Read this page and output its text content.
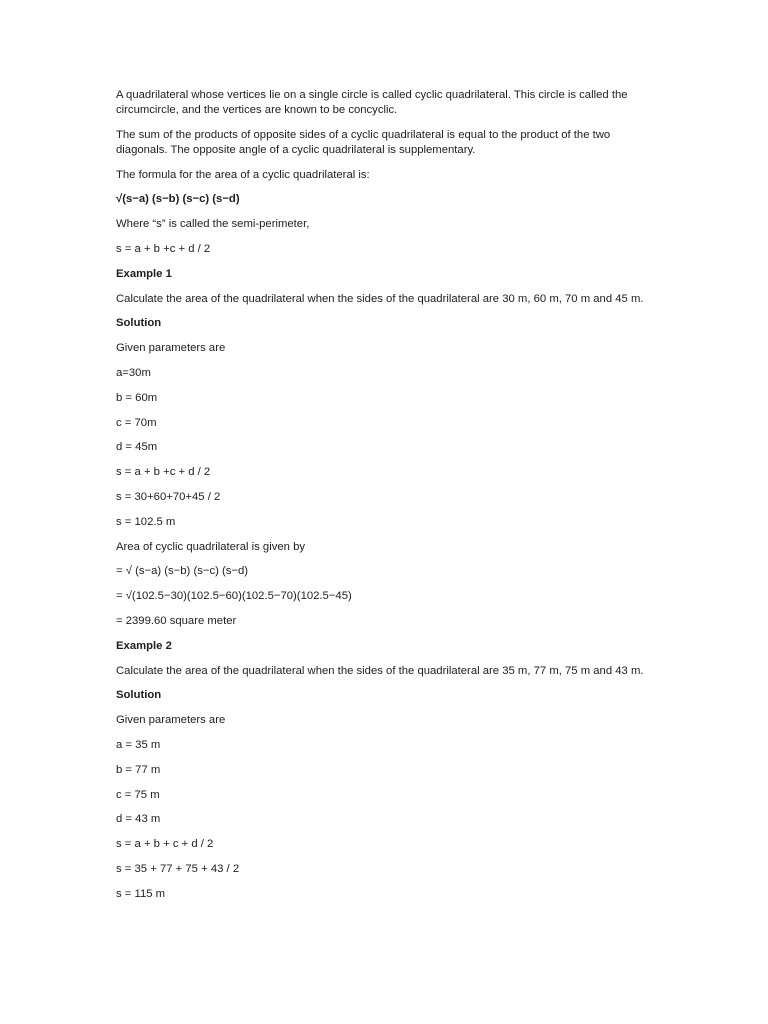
A quadrilateral whose vertices lie on a single circle is called cyclic quadrilateral. This circle is called the circumcircle, and the vertices are known to be concyclic.

The sum of the products of opposite sides of a cyclic quadrilateral is equal to the product of the two diagonals. The opposite angle of a cyclic quadrilateral is supplementary.

The formula for the area of a cyclic quadrilateral is:

√(s−a) (s−b) (s−c) (s−d)

Where “s” is called the semi-perimeter,

s = a + b +c + d / 2

Example 1

Calculate the area of the quadrilateral when the sides of the quadrilateral are 30 m, 60 m, 70 m and 45 m.

Solution

Given parameters are

a=30m

b = 60m

c = 70m

d = 45m

s = a + b +c + d / 2

s = 30+60+70+45 / 2

s = 102.5 m

Area of cyclic quadrilateral is given by

= √ (s−a) (s−b) (s−c) (s−d)

= √(102.5−30)(102.5−60)(102.5−70)(102.5−45)

= 2399.60 square meter

Example 2

Calculate the area of the quadrilateral when the sides of the quadrilateral are 35 m, 77 m, 75 m and 43 m.

Solution

Given parameters are

a = 35 m

b = 77 m

c = 75 m

d = 43 m

s = a + b + c + d / 2

s = 35 + 77 + 75 + 43 / 2

s = 115 m
